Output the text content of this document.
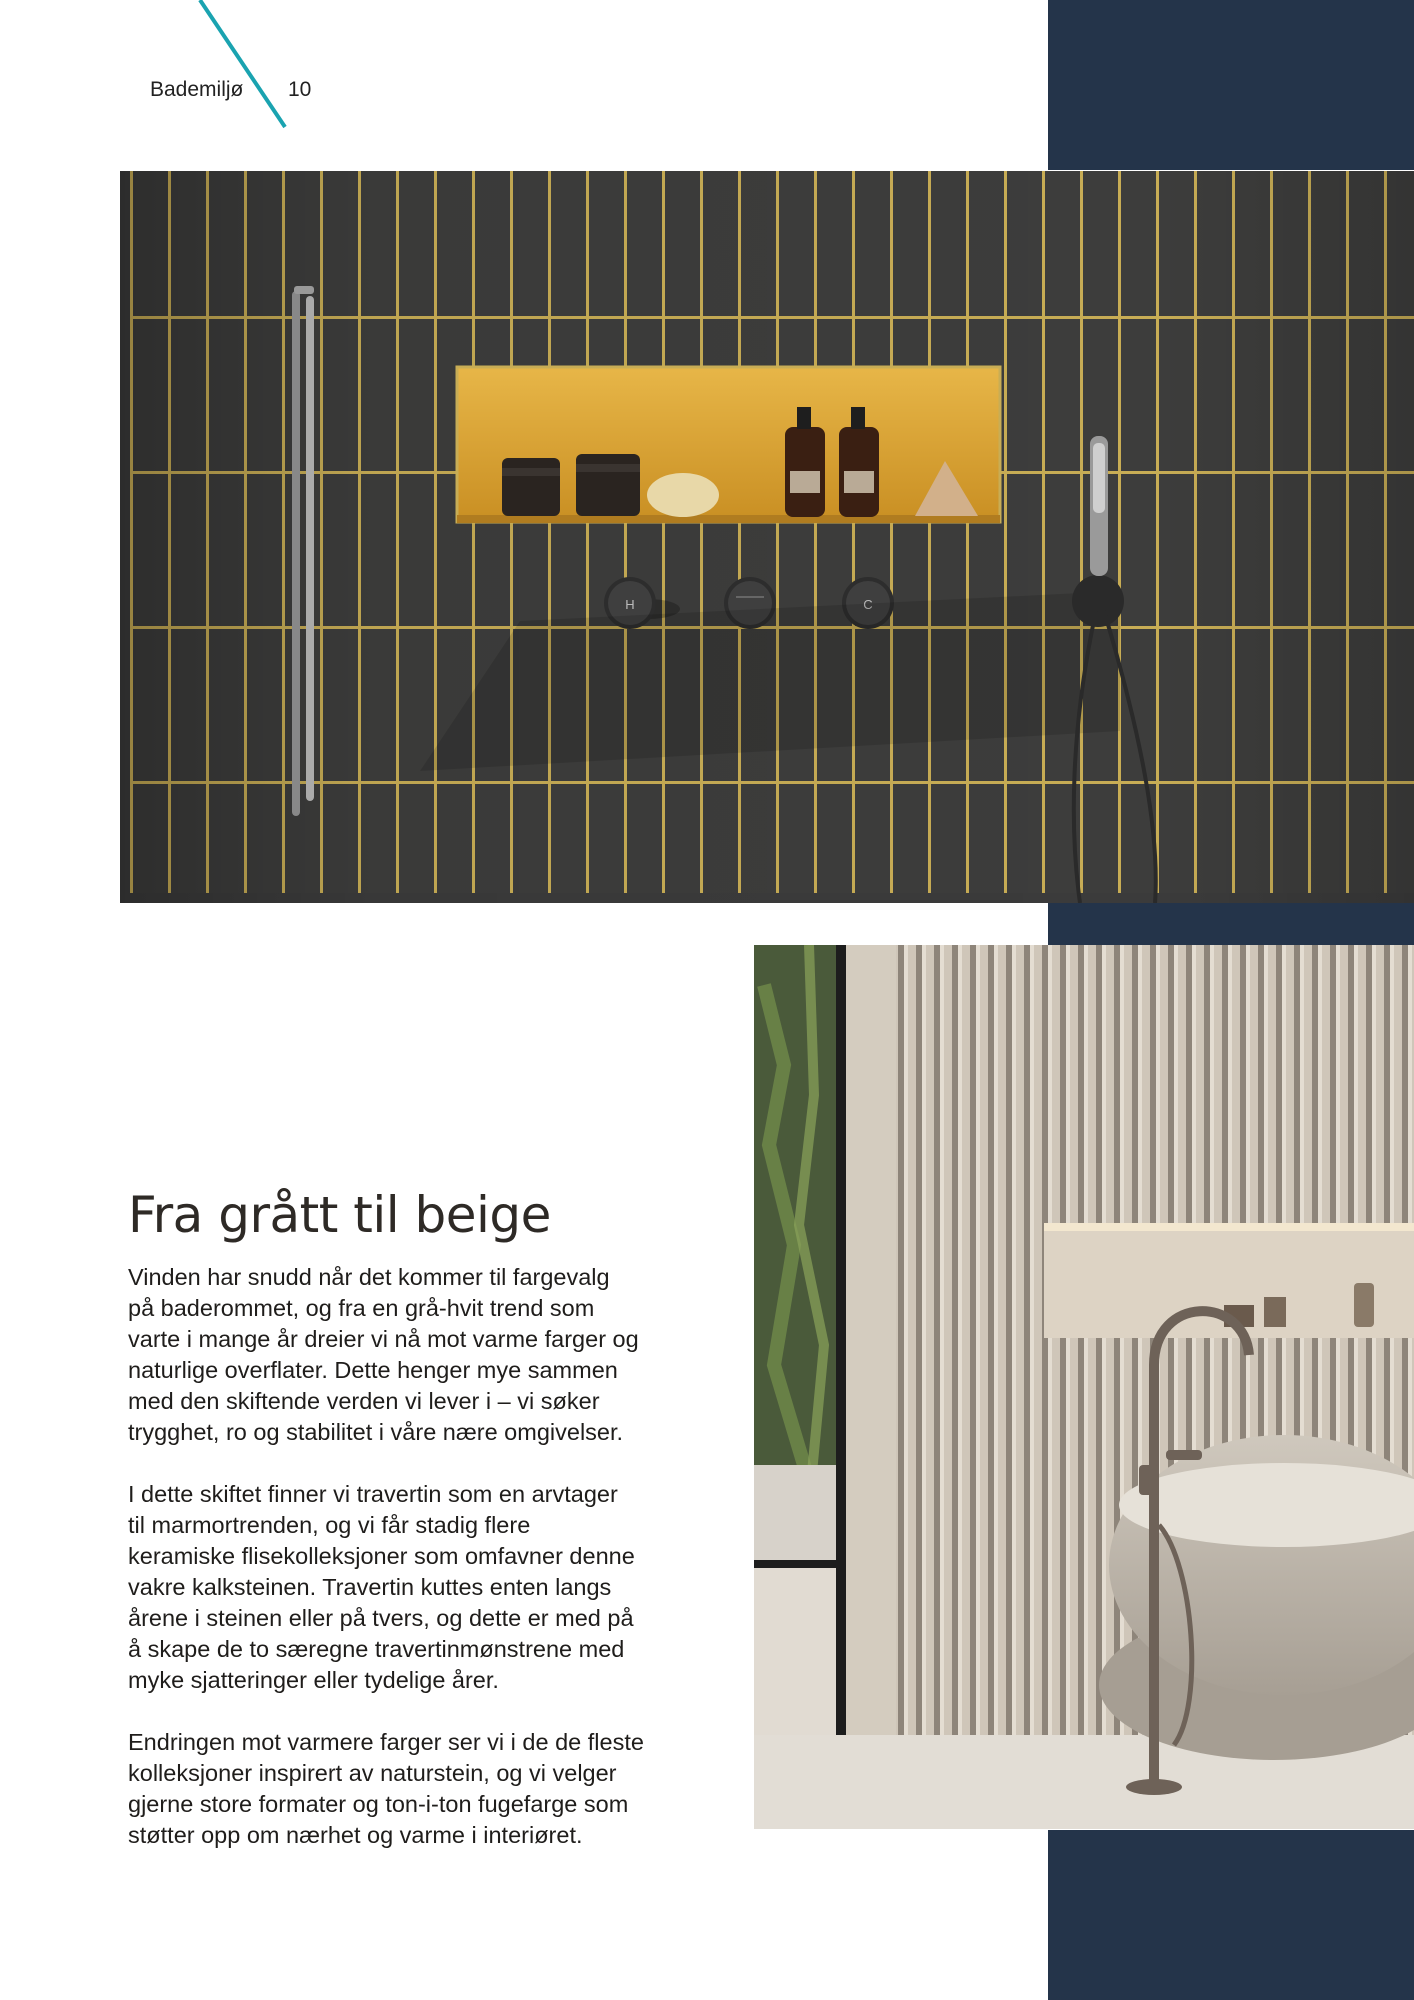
Bademiljø 10
H	C
Fra grått til beige

Vinden har snudd når det kommer til fargevalg
på baderommet, og fra en grå-hvit trend som
varte i mange år dreier vi nå mot varme farger og
naturlige overflater. Dette henger mye sammen
med den skiftende verden vi lever i – vi søker
trygghet, ro og stabilitet i våre nære omgivelser.

I dette skiftet finner vi travertin som en arvtager
til marmortrenden, og vi får stadig flere
keramiske flisekolleksjoner som omfavner denne
vakre kalksteinen. Travertin kuttes enten langs
årene i steinen eller på tvers, og dette er med på
å skape de to særegne travertinmønstrene med
myke sjatteringer eller tydelige årer.

Endringen mot varmere farger ser vi i de de fleste
kolleksjoner inspirert av naturstein, og vi velger
gjerne store formater og ton-i-ton fugefarge som
støtter opp om nærhet og varme i interiøret.
